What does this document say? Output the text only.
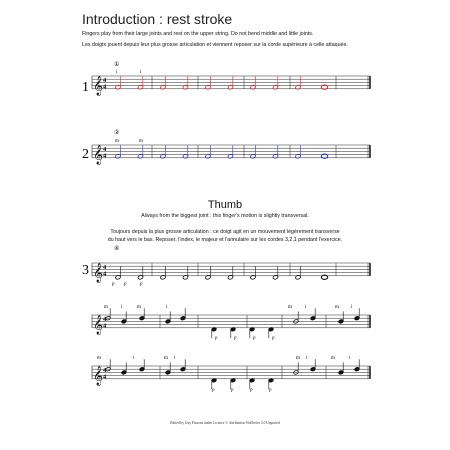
Introduction : rest stroke
Fingers play from their large joints and rest on the upper string. Do not bend middle and little joints.
Les doigts jouent depuis leur plus grosse articulation et viennent reposer sur la corde supérieure à celle attaquée.
Thumb
Always from the biggest joint : this finger's motion is slightly transversal.
Toujours depuis la plus grosse articulation : ce doigt agit en un mouvement légèrement transverse
du haut vers le bas. Reposer, l'index, le majeur et l'annulaire sur les cordes 3,2,1 pendant l'exercice.
Edited by Guy Parsons under Licence © Attribution-NoDerivs 3.0 Unported
1
2
3
①
②
④
i	i
m	m
p p	p
m	i	m	i	m	i	m i
p	p	p	p
m	i	m i	m i	m	i
p	p	p	p
𝄞 4
4
𝄞 4
4
𝄞 4
4
𝄞 4
4
𝄞 4
4
